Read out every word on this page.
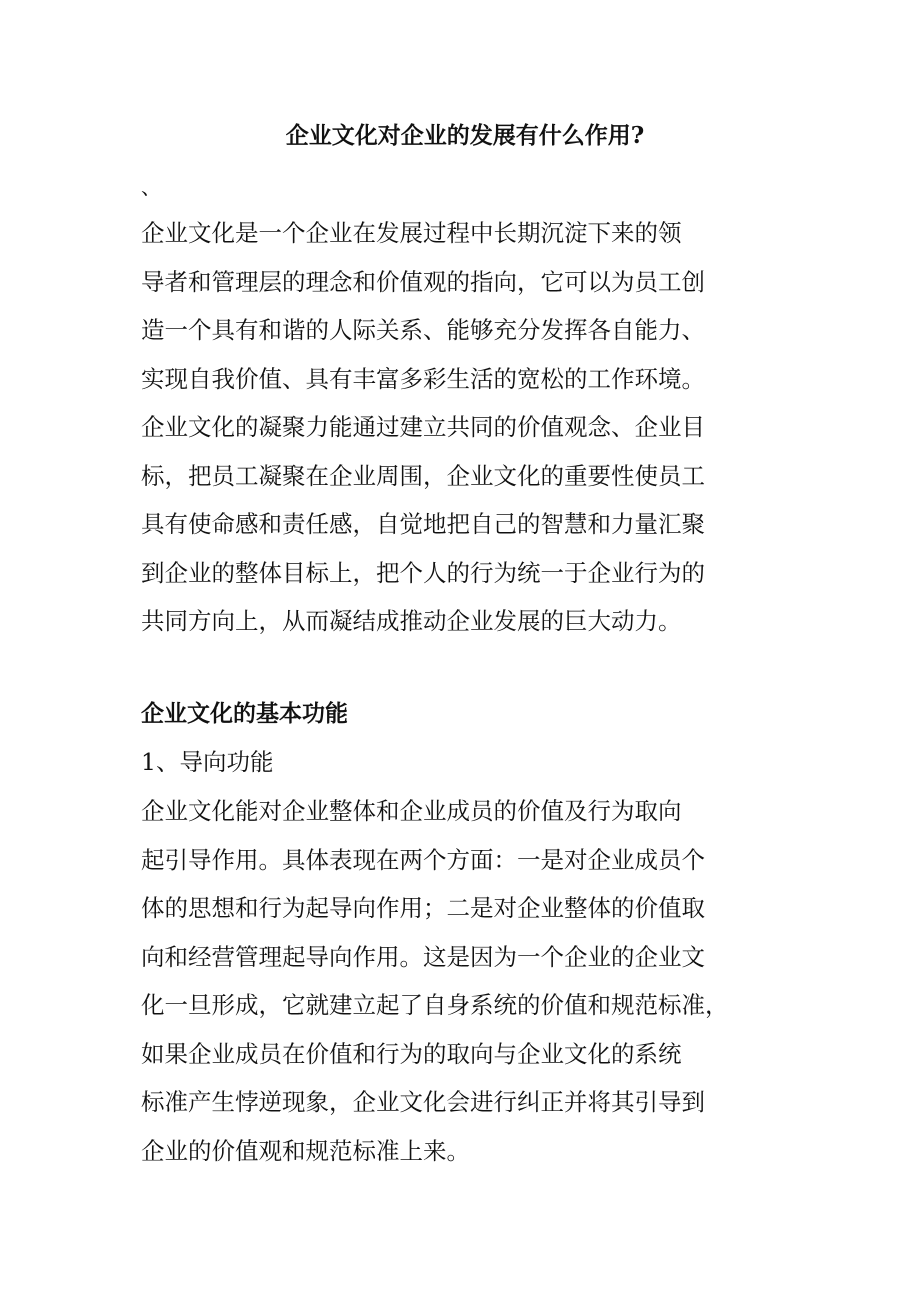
企业文化对企业的发展有什么作用?
、
企业文化是一个企业在发展过程中长期沉淀下来的领
导者和管理层的理念和价值观的指向，它可以为员工创
造一个具有和谐的人际关系、能够充分发挥各自能力、
实现自我价值、具有丰富多彩生活的宽松的工作环境。
企业文化的凝聚力能通过建立共同的价值观念、企业目
标，把员工凝聚在企业周围，企业文化的重要性使员工
具有使命感和责任感，自觉地把自己的智慧和力量汇聚
到企业的整体目标上，把个人的行为统一于企业行为的
共同方向上，从而凝结成推动企业发展的巨大动力。
企业文化的基本功能
1、导向功能
企业文化能对企业整体和企业成员的价值及行为取向
起引导作用。具体表现在两个方面：一是对企业成员个
体的思想和行为起导向作用；二是对企业整体的价值取
向和经营管理起导向作用。这是因为一个企业的企业文
化一旦形成，它就建立起了自身系统的价值和规范标准，
如果企业成员在价值和行为的取向与企业文化的系统
标准产生悖逆现象，企业文化会进行纠正并将其引导到
企业的价值观和规范标准上来。
